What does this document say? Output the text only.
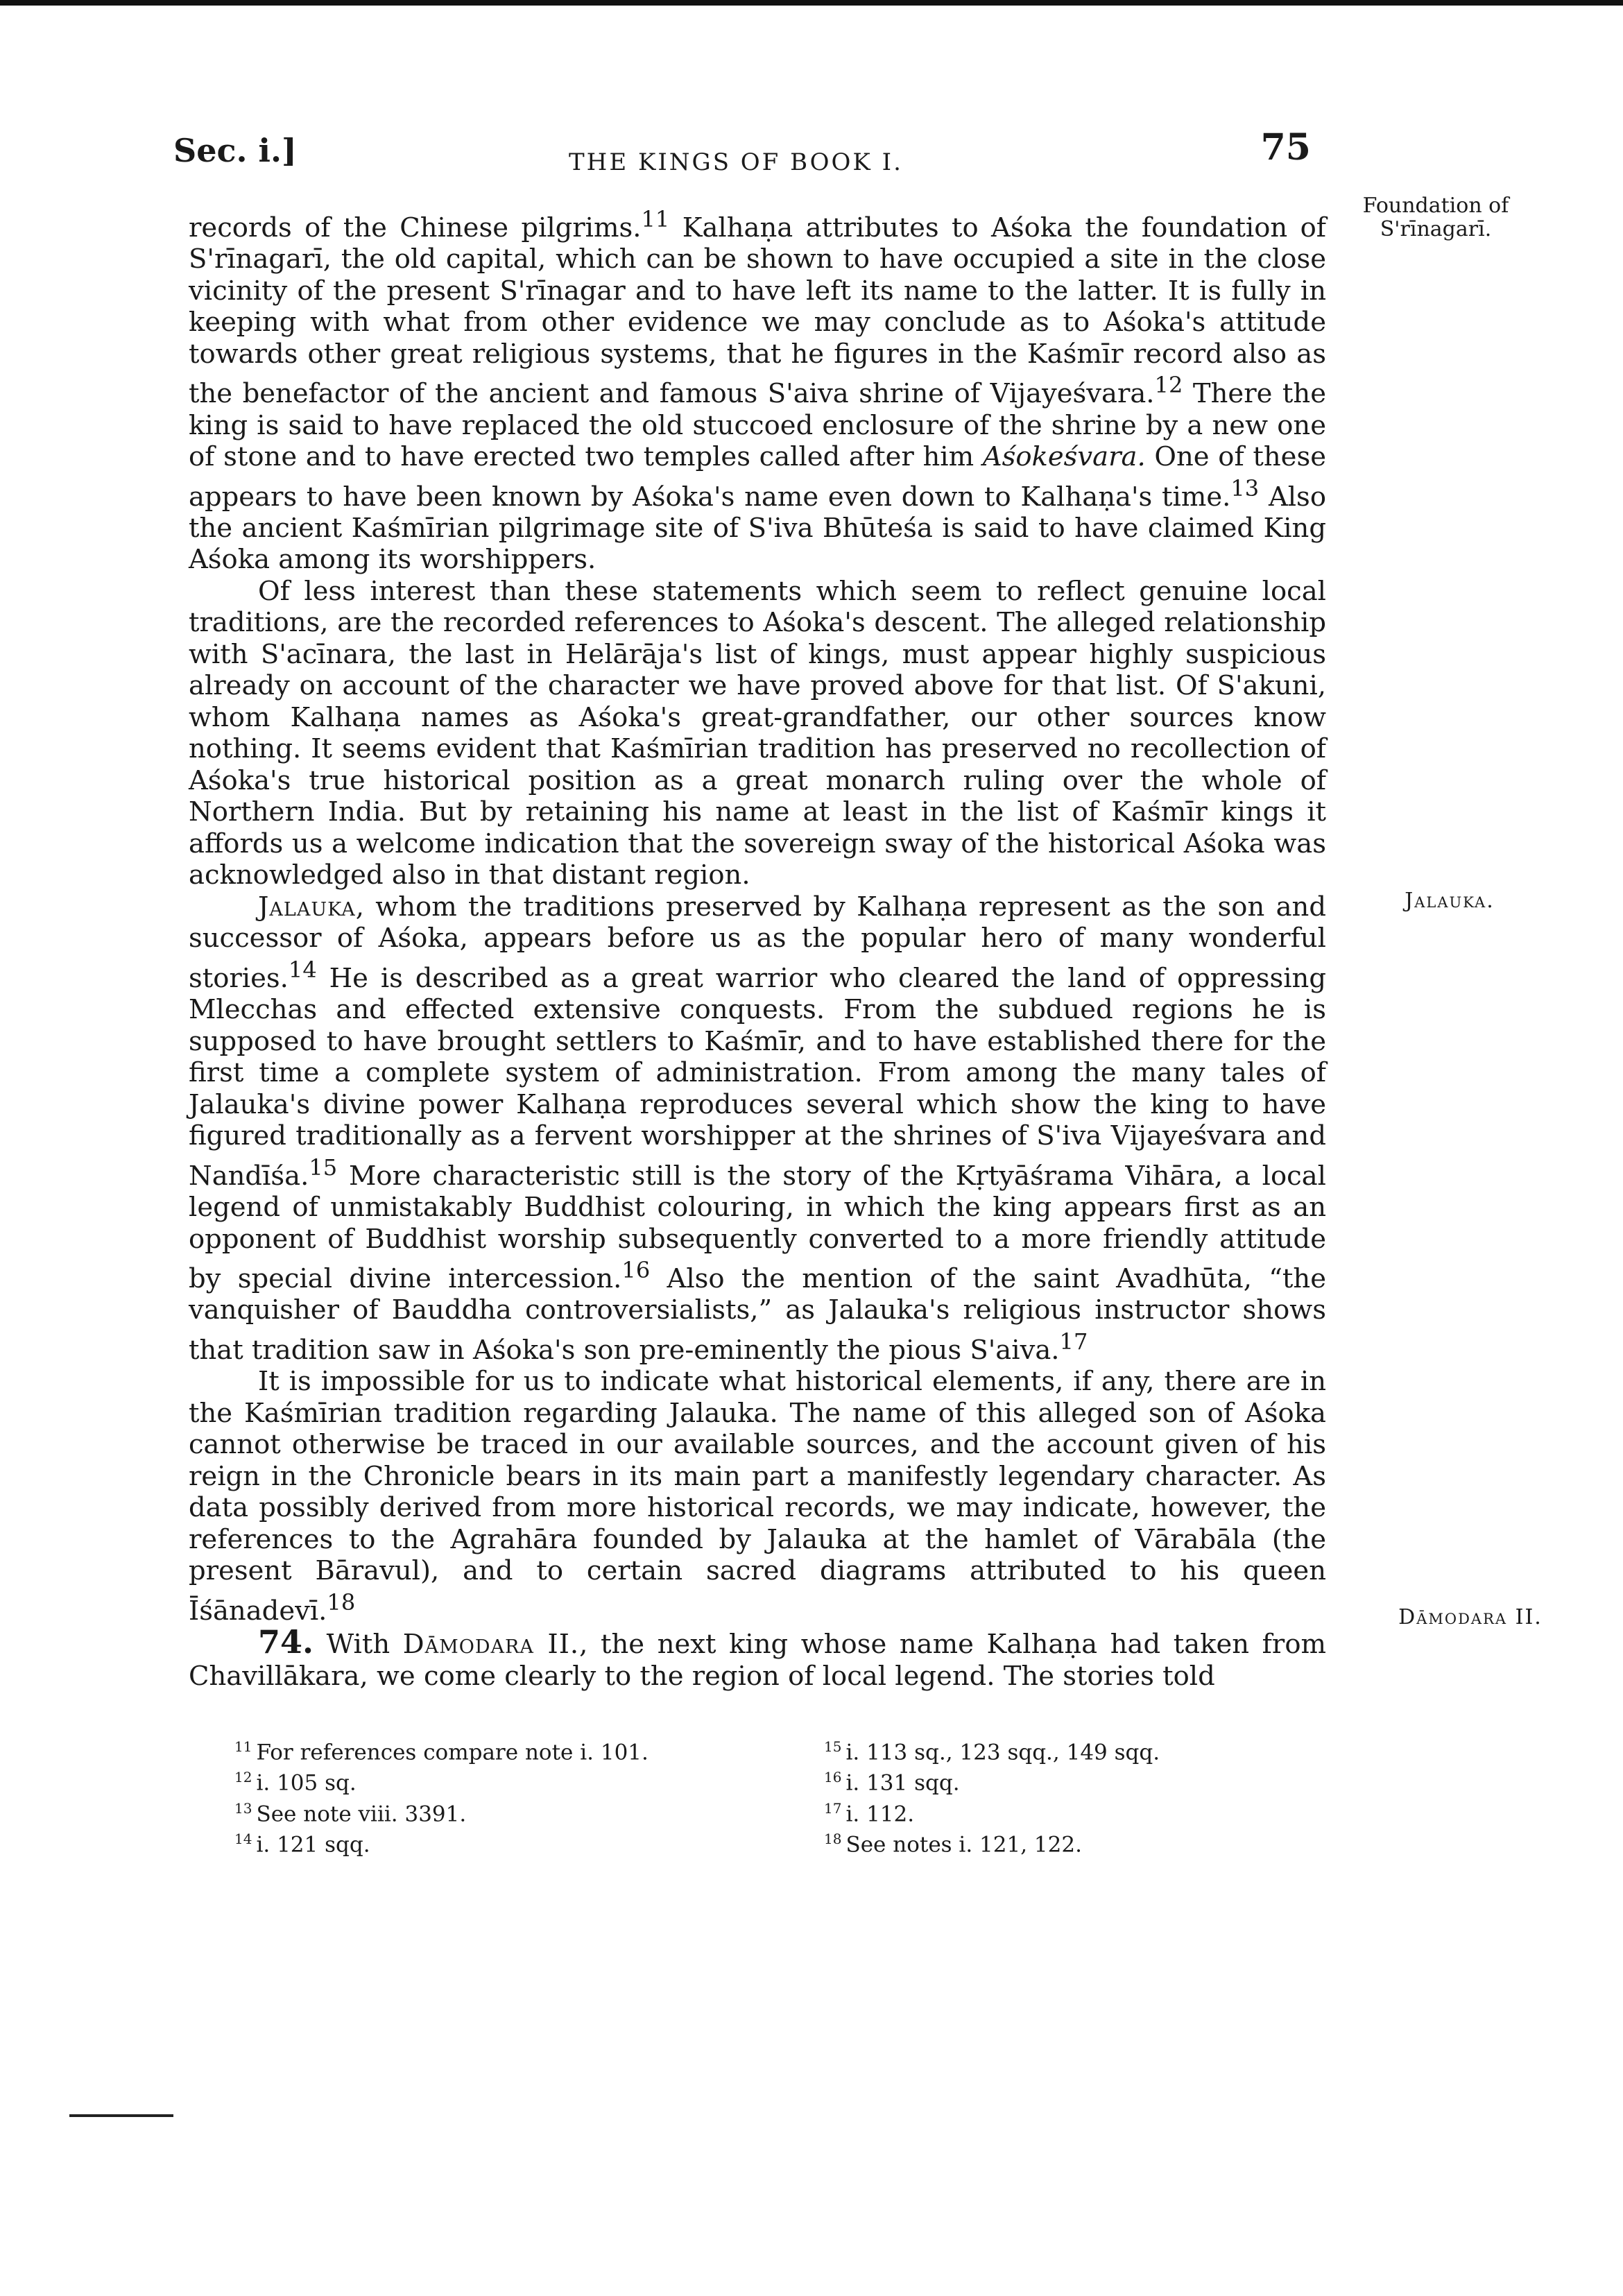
Sec. i.]	THE KINGS OF BOOK I.	75
Foundation of S'rīnagarī.
Jalauka.
Dāmodara II.

records of the Chinese pilgrims.$^{11}$ Kalhaṇa attributes to Aśoka the foundation of S'rīnagarī, the old capital, which can be shown to have occupied a site in the close vicinity of the present S'rīnagar and to have left its name to the latter. It is fully in keeping with what from other evidence we may conclude as to Aśoka's attitude towards other great religious systems, that he figures in the Kaśmīr record also as the benefactor of the ancient and famous S'aiva shrine of Vijayeśvara.$^{12}$ There the king is said to have replaced the old stuccoed enclosure of the shrine by a new one of stone and to have erected two temples called after him Aśokeśvara. One of these appears to have been known by Aśoka's name even down to Kalhaṇa's time.$^{13}$ Also the ancient Kaśmīrian pilgrimage site of S'iva Bhūteśa is said to have claimed King Aśoka among its worshippers.

Of less interest than these statements which seem to reflect genuine local traditions, are the recorded references to Aśoka's descent. The alleged relationship with S'acīnara, the last in Helārāja's list of kings, must appear highly suspicious already on account of the character we have proved above for that list. Of S'akuni, whom Kalhaṇa names as Aśoka's great-grandfather, our other sources know nothing. It seems evident that Kaśmīrian tradition has preserved no recollection of Aśoka's true historical position as a great monarch ruling over the whole of Northern India. But by retaining his name at least in the list of Kaśmīr kings it affords us a welcome indication that the sovereign sway of the historical Aśoka was acknowledged also in that distant region.

Jalauka, whom the traditions preserved by Kalhaṇa represent as the son and successor of Aśoka, appears before us as the popular hero of many wonderful stories.$^{14}$ He is described as a great warrior who cleared the land of oppressing Mlecchas and effected extensive conquests. From the subdued regions he is supposed to have brought settlers to Kaśmīr, and to have established there for the first time a complete system of administration. From among the many tales of Jalauka's divine power Kalhaṇa reproduces several which show the king to have figured traditionally as a fervent worshipper at the shrines of S'iva Vijayeśvara and Nandīśa.$^{15}$ More characteristic still is the story of the Kṛtyāśrama Vihāra, a local legend of unmistakably Buddhist colouring, in which the king appears first as an opponent of Buddhist worship subsequently converted to a more friendly attitude by special divine intercession.$^{16}$ Also the mention of the saint Avadhūta, “the vanquisher of Bauddha controversialists,” as Jalauka's religious instructor shows that tradition saw in Aśoka's son pre-eminently the pious S'aiva.$^{17}$

It is impossible for us to indicate what historical elements, if any, there are in the Kaśmīrian tradition regarding Jalauka. The name of this alleged son of Aśoka cannot otherwise be traced in our available sources, and the account given of his reign in the Chronicle bears in its main part a manifestly legendary character. As data possibly derived from more historical records, we may indicate, however, the references to the Agrahāra founded by Jalauka at the hamlet of Vārabāla (the present Bāravul), and to certain sacred diagrams attributed to his queen Īśānadevī.$^{18}$

74. With Dāmodara II., the next king whose name Kalhaṇa had taken from Chavillākara, we come clearly to the region of local legend. The stories told

$^{11}$ For references compare note i. 101.
$^{12}$ i. 105 sq.
$^{13}$ See note viii. 3391.
$^{14}$ i. 121 sqq.
$^{15}$ i. 113 sq., 123 sqq., 149 sqq.
$^{16}$ i. 131 sqq.
$^{17}$ i. 112.
$^{18}$ See notes i. 121, 122.
